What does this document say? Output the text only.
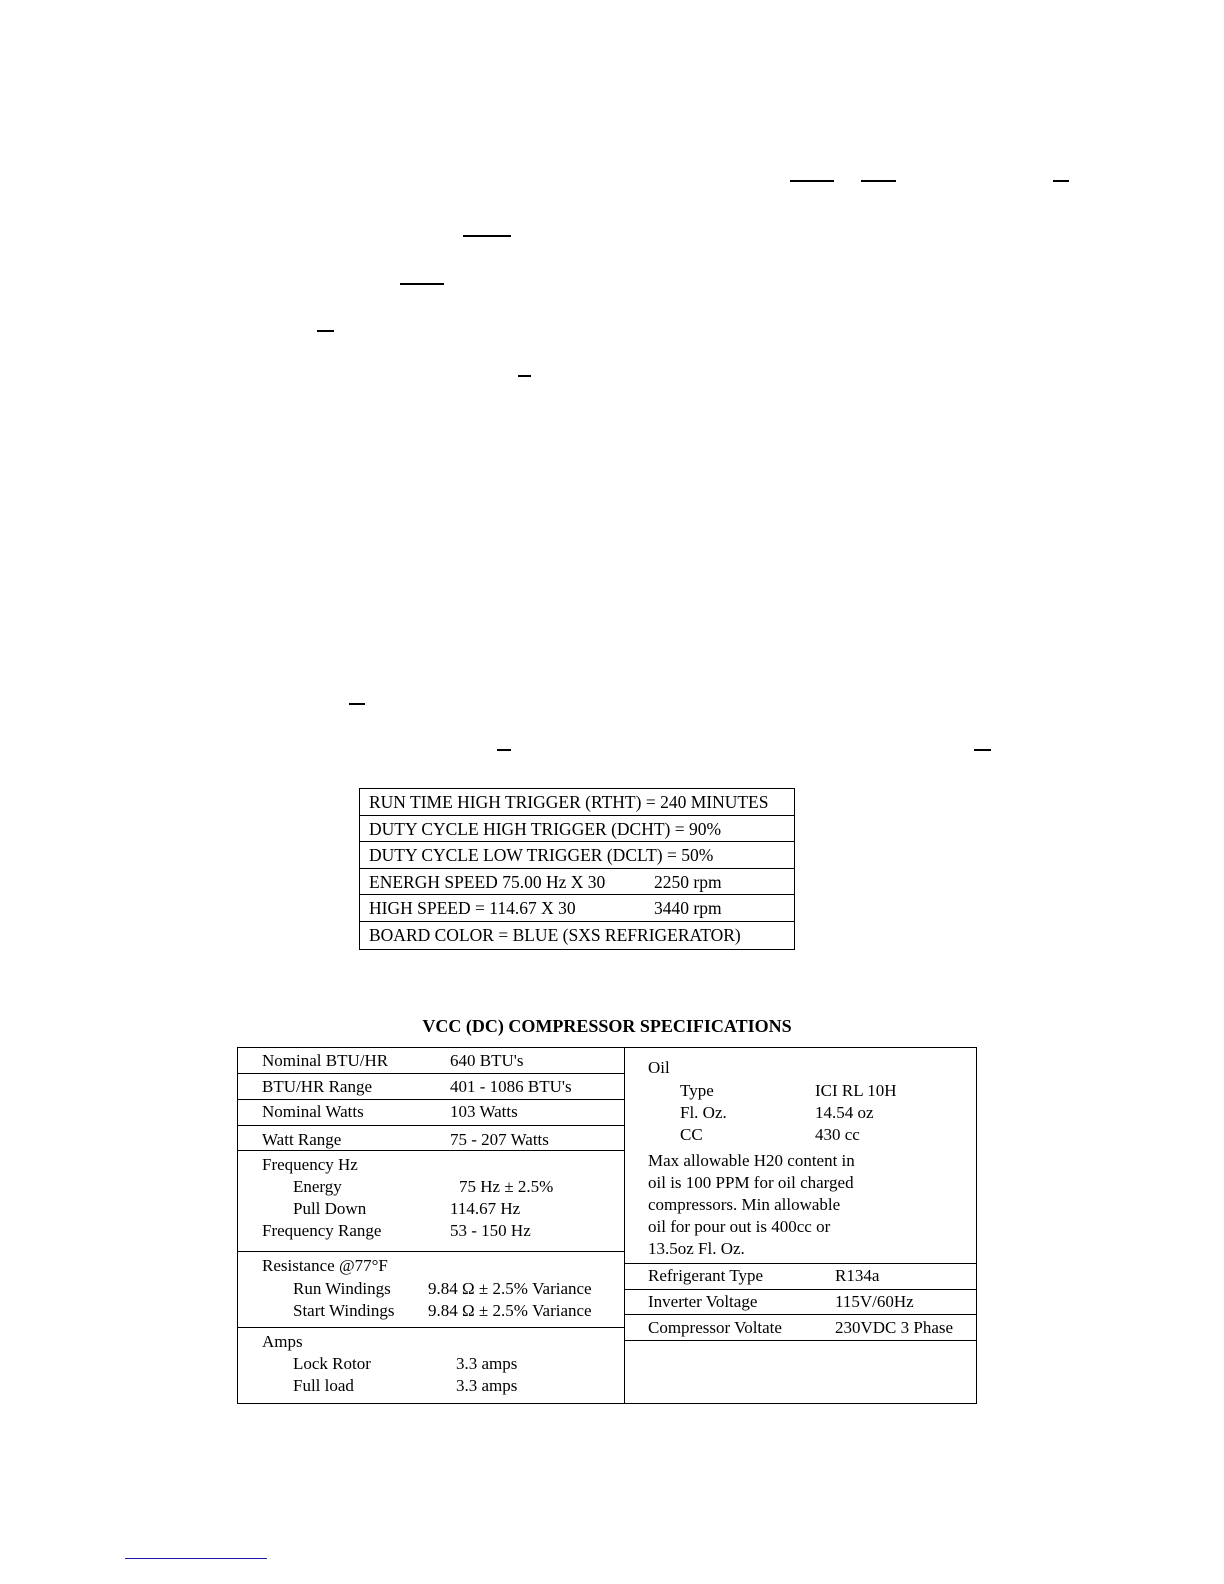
RUN TIME HIGH TRIGGER (RTHT) = 240 MINUTES
DUTY CYCLE HIGH TRIGGER (DCHT) = 90%
DUTY CYCLE LOW TRIGGER (DCLT) = 50%
ENERGH SPEED 75.00 Hz X 30	2250 rpm
HIGH SPEED = 114.67 X 30	3440 rpm
BOARD COLOR = BLUE (SXS REFRIGERATOR)
VCC (DC) COMPRESSOR SPECIFICATIONS
Nominal BTU/HR	640 BTU's
BTU/HR Range	401 - 1086 BTU's
Nominal Watts	103 Watts
Watt Range	75 - 207 Watts
Frequency Hz
Energy	75 Hz ± 2.5%
Pull Down	114.67 Hz
Frequency Range	53 - 150 Hz
Resistance @77°F
Run Windings 9.84 Ω ± 2.5% Variance
Start Windings 9.84 Ω ± 2.5% Variance
Amps
Lock Rotor	3.3 amps
Full load	3.3 amps
Oil
Type	ICI RL 10H
Fl. Oz.	14.54 oz
CC	430 cc
Max allowable H20 content in
oil is 100 PPM for oil charged
compressors. Min allowable
oil for pour out is 400cc or
13.5oz Fl. Oz.
Refrigerant Type	R134a
Inverter Voltage	115V/60Hz
Compressor Voltate	230VDC 3 Phase
